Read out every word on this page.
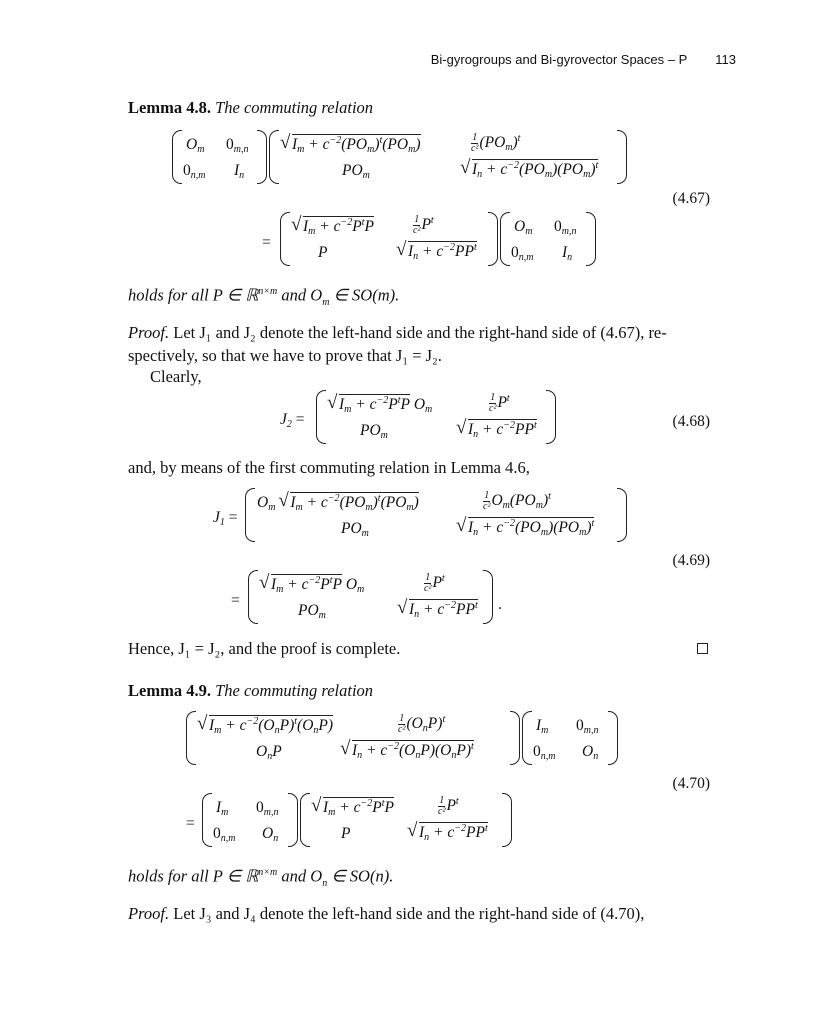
Bi-gyrogroups and Bi-gyrovector Spaces – P 113
Lemma 4.8. The commuting relation
Om 0m,n
0n,m In
√ $Im + c^{-2}(POm)^t(POm)$	$\frac{1}{\text{c²}} (POm)^t$
POm	√ $In + c^{-2}(POm)(POm)^t$
(4.67)
=
√ $Im + c^{-2}P^tP$	$\frac{1}{\text{c²}} P^t$
P	√ $In + c^{-2}PP^t$
Om 0m,n
0n,m In
holds for all P ∈ ℝ$^{n\times m}$ and $O_m$ ∈ SO(m).
Proof. Let J₁ and J₂ denote the left-hand side and the right-hand side of (4.67), re-
spectively, so that we have to prove that J₁ = J₂.
Clearly,
J2 =
√ $Im + c^{-2}P^tP$ Om	$\frac{1}{\text{c²}} P^t$
POm	√ $In + c^{-2}PP^t$	(4.68)
and, by means of the first commuting relation in Lemma 4.6,
J1 =
Om √ $Im + c^{-2}(POm)^t(POm)$	$\frac{1}{\text{c²}} Om(POm)^t$
POm	√ $In + c^{-2}(POm)(POm)^t$
(4.69)
=
√ $Im + c^{-2}P^tP$ Om	$\frac{1}{\text{c²}} P^t$
POm	√ $In + c^{-2}PP^t$ .
Hence, J₁ = J₂, and the proof is complete.
Lemma 4.9. The commuting relation
√ $Im + c^{-2}(OnP)^t(OnP)$	$\frac{1}{\text{c²}} (OnP)^t$
OnP	√ $In + c^{-2}(OnP)(OnP)^t$
Im 0m,n
0n,m On
(4.70)
=
Im 0m,n
0n,m On
√ $Im + c^{-2}P^tP$	$\frac{1}{\text{c²}} P^t$
P	√ $In + c^{-2}PP^t$
holds for all P ∈ ℝ$^{n\times m}$ and $O_n$ ∈ SO(n).
Proof. Let J₃ and J₄ denote the left-hand side and the right-hand side of (4.70),
